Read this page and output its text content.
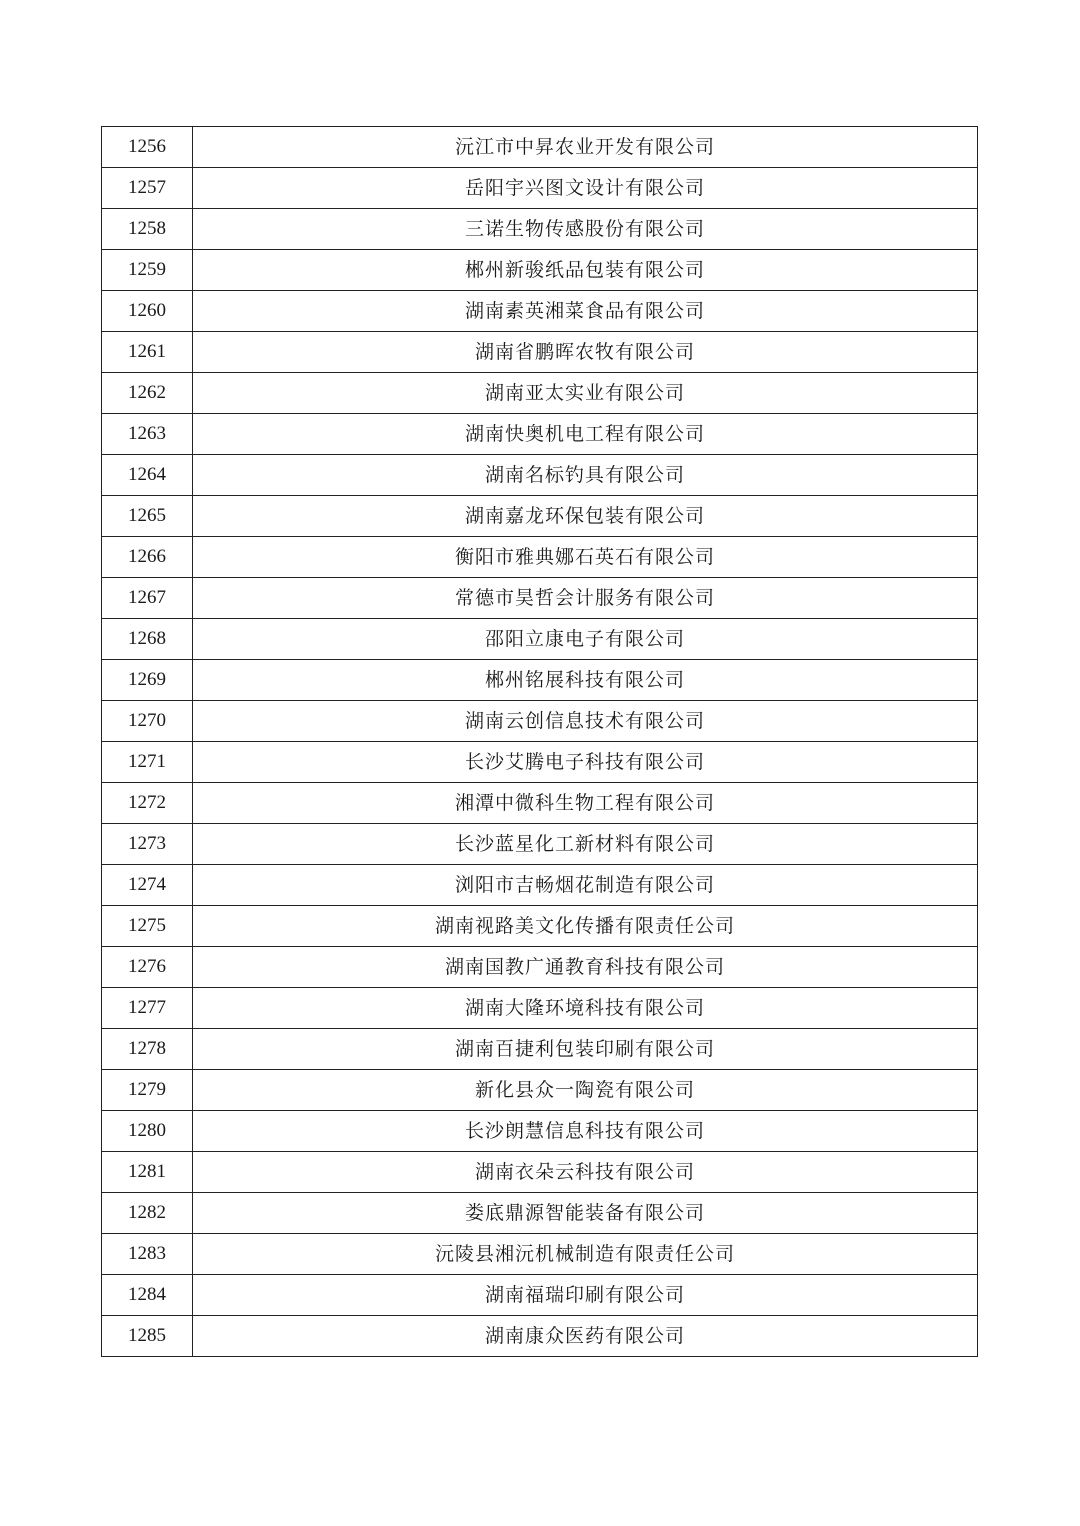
1256	沅江市中昇农业开发有限公司
1257	岳阳宇兴图文设计有限公司
1258	三诺生物传感股份有限公司
1259	郴州新骏纸品包装有限公司
1260	湖南素英湘菜食品有限公司
1261	湖南省鹏晖农牧有限公司
1262	湖南亚太实业有限公司
1263	湖南快奥机电工程有限公司
1264	湖南名标钓具有限公司
1265	湖南嘉龙环保包装有限公司
1266	衡阳市雅典娜石英石有限公司
1267	常德市昊哲会计服务有限公司
1268	邵阳立康电子有限公司
1269	郴州铭展科技有限公司
1270	湖南云创信息技术有限公司
1271	长沙艾腾电子科技有限公司
1272	湘潭中微科生物工程有限公司
1273	长沙蓝星化工新材料有限公司
1274	浏阳市吉畅烟花制造有限公司
1275	湖南视路美文化传播有限责任公司
1276	湖南国教广通教育科技有限公司
1277	湖南大隆环境科技有限公司
1278	湖南百捷利包装印刷有限公司
1279	新化县众一陶瓷有限公司
1280	长沙朗慧信息科技有限公司
1281	湖南衣朵云科技有限公司
1282	娄底鼎源智能装备有限公司
1283	沅陵县湘沅机械制造有限责任公司
1284	湖南福瑞印刷有限公司
1285	湖南康众医药有限公司
